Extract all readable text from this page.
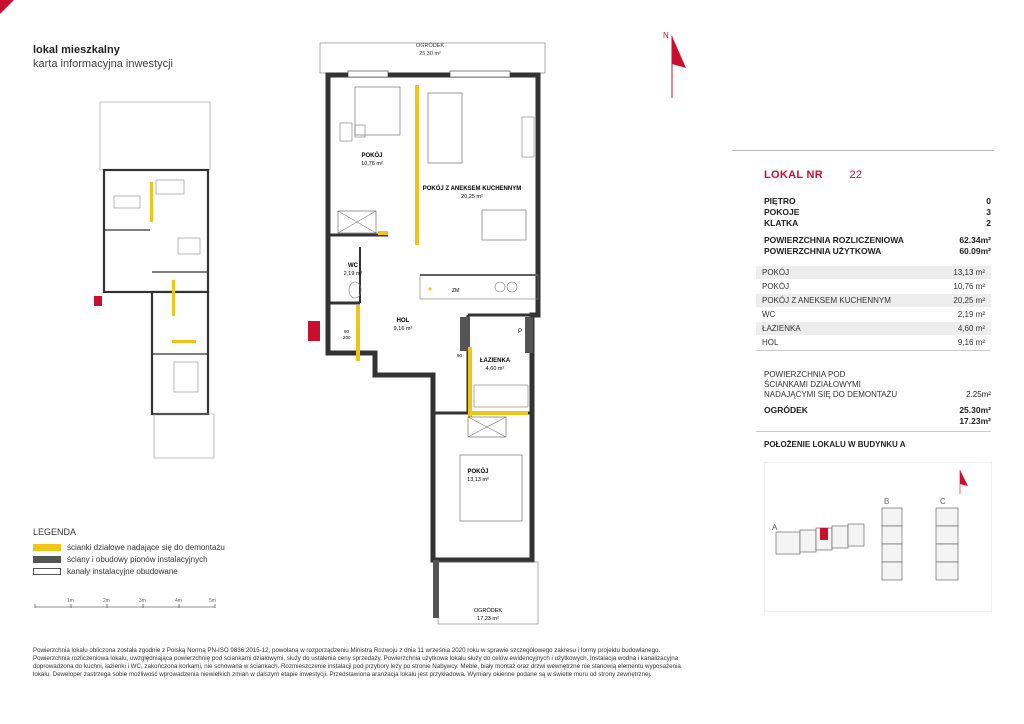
lokal mieszkalny
karta informacyjna inwestycji
N
OGRÓDEK
25,30 m²
POKÓJ
10,76 m²
POKÓJ Z ANEKSEM KUCHENNYM
20,25 m²
WC
2,19 m²
HOL
9,16 m²
ŁAZIENKA
4,60 m²
POKÓJ
13,13 m²
ZM
P
80
200
90
OGRÓDEK
17,23 m²
LEGENDA
ścianki działowe nadające się do demontażu
ściany i obudowy pionów instalacyjnych
kanały instalacyjne obudowane
1m	2m	3m	4m	5m
LOKAL NR 22
PIĘTRO	0
POKOJE	3
KLATKA	2
POWIERZCHNIA ROZLICZENIOWA	62.34m²
POWIERZCHNIA UŻYTKOWA	60.09m²
POKÓJ	13,13 m²
POKÓJ	10,76 m²
POKÓJ Z ANEKSEM KUCHENNYM	20,25 m²
WC	2,19 m²
ŁAZIENKA	4,60 m²
HOL	9,16 m²
POWIERZCHNIA POD
ŚCIANKAMI DZIAŁOWYMI
NADAJĄCYMI SIĘ DO DEMONTAŻU	2.25m²
OGRÓDEK	25.30m²
17.23m²
POŁOŻENIE LOKALU W BUDYNKU A
A
B	C
Powierzchnia lokalu obliczona została zgodnie z Polską Normą PN-ISO 9836:2015-12, powołaną w rozporządzeniu Ministra Rozwoju z dnia 11 września 2020 roku w sprawie szczegółowego zakresu i formy projektu budowlanego. Powierzchnia rozliczeniowa lokalu, uwzględniająca powierzchnię pod ściankami działowymi, służy do ustalenia ceny sprzedaży. Powierzchnia użytkowa lokalu służy do celów ewidencyjnych i użytkowych. Instalacja wodna i kanalizacyjna doprowadzona do kuchni, łazienki i WC, zakończona korkami, nie schowana w ściankach. Rozmieszczenie instalacji pod przybory leży po stronie Nabywcy. Meble, biały montaż oraz drzwi wewnętrzne nie stanowią elementu wyposażenia lokalu. Deweloper zastrzega sobie możliwość wprowadzenia niewielkich zmian w dalszym etapie inwestycji. Przedstawiona aranżacja lokalu jest przykładowa. Wymiary okienne podane są w świetle muru od strony zewnętrznej.
